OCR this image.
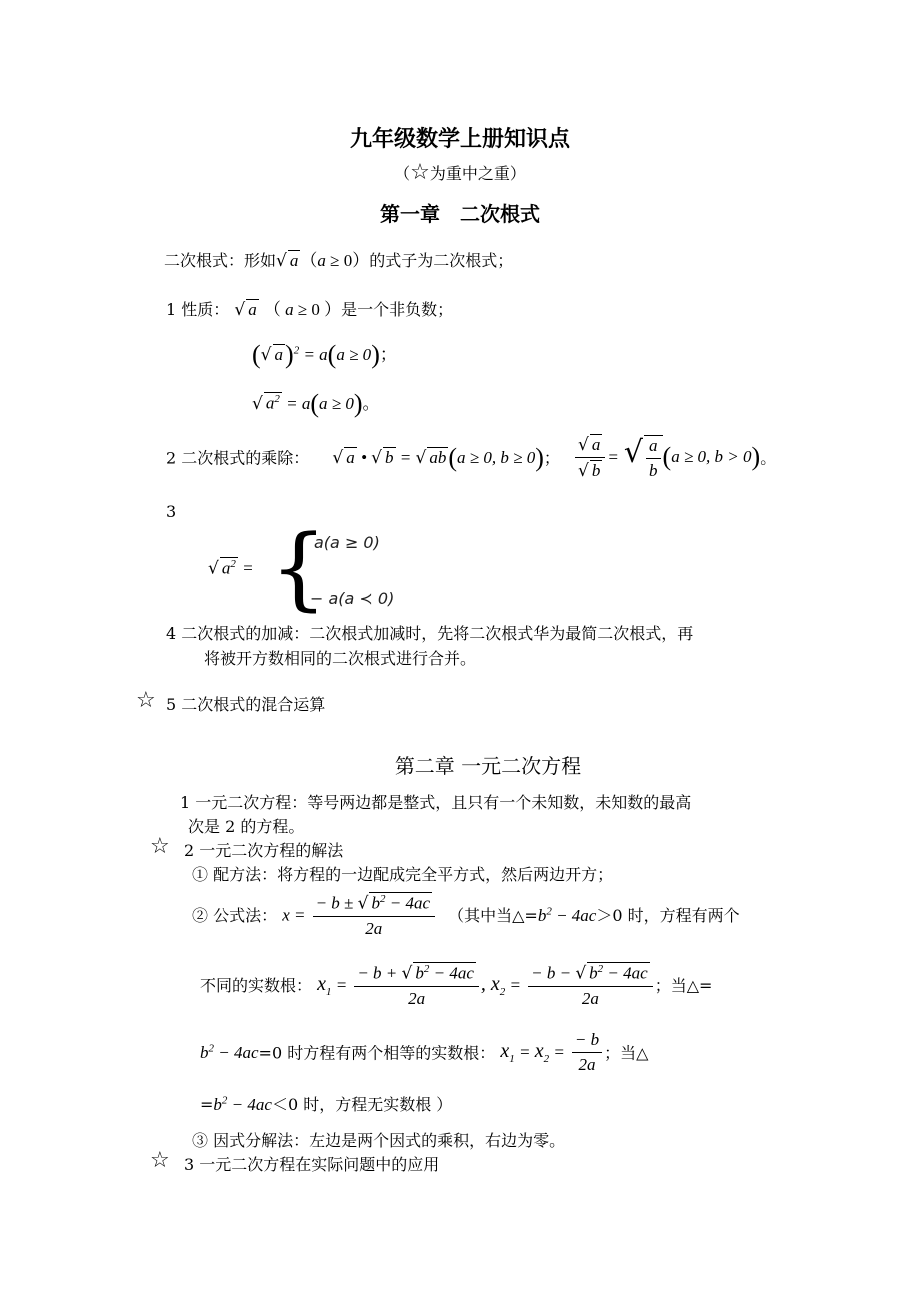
九年级数学上册知识点
（☆为重中之重）
第一章　二次根式
二次根式：形如√ a （a ≥ 0）的式子为二次根式；
1 性质： √ a （ a ≥ 0 ）是一个非负数；
(√ a)$^2$ = a(a ≥ 0)；
√ $a^2 = a(a \ge 0)$。
2 二次根式的乘除： √ a • √ b = √ ab(a ≥ 0, b ≥ 0)； $\frac{√ a}{√ b}$ = √ $\frac{a}{b} (a \ge 0$, b > 0)。
3
√ $a^2$ = {
a(a ≥ 0)
− a(a ≺ 0)
4 二次根式的加减：二次根式加减时，先将二次根式华为最简二次根式，再
将被开方数相同的二次根式进行合并。
☆ 5 二次根式的混合运算
第二章 一元二次方程
1 一元二次方程：等号两边都是整式，且只有一个未知数，未知数的最高
次是 2 的方程。
☆ 2 一元二次方程的解法
① 配方法：将方程的一边配成完全平方式，然后两边开方；
② 公式法： $x = \frac{- b \pm √ b^2 - 4ac}{2a}$ （其中当$\triangle=b^2 - 4ac>0$ 时，方程有两个
不同的实数根： $x_1 = \frac{- b + √ b^2 - 4ac}{2a}$ , $x_2 = \frac{- b - √ b^2 - 4ac}{2a}$ ；当△=
$b^2 - 4ac=0$ 时方程有两个相等的实数根： $x_1 = x_2 = \frac{- b}{2a}$ ；当△
$=b^2 - 4ac<0$ 时，方程无实数根 ）
③ 因式分解法：左边是两个因式的乘积，右边为零。
☆ 3 一元二次方程在实际问题中的应用
